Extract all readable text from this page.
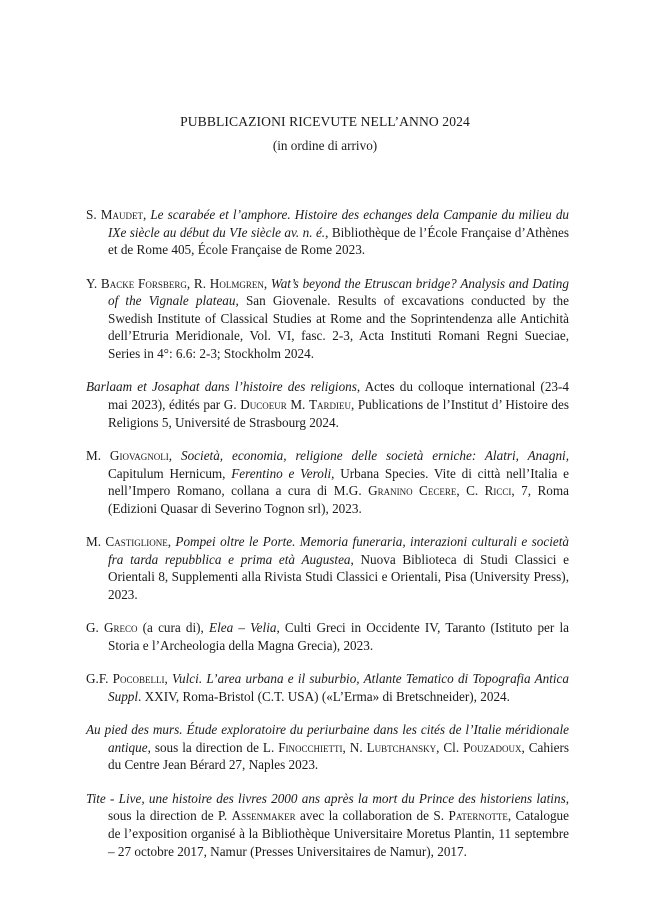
PUBBLICAZIONI RICEVUTE NELL’ANNO 2024
(in ordine di arrivo)

S. Maudet, Le scarabée et l’amphore. Histoire des echanges dela Campanie du milieu du IXe siècle au début du VIe siècle av. n. é., Bibliothèque de l’École Française d’Athènes et de Rome 405, École Française de Rome 2023.

Y. Backe Forsberg, R. Holmgren, Wat’s beyond the Etruscan bridge? Analysis and Dating of the Vignale plateau, San Giovenale. Results of excavations conducted by the Swedish Institute of Classical Studies at Rome and the Soprintendenza alle Antichità dell’Etruria Meridionale, Vol. VI, fasc. 2-3, Acta Instituti Romani Regni Sueciae, Series in 4°: 6.6: 2-3; Stockholm 2024.

Barlaam et Josaphat dans l’histoire des religions, Actes du colloque international (23-4 mai 2023), édités par G. Ducoeur M. Tardieu, Publications de l’Institut d’ Histoire des Religions 5, Université de Strasbourg 2024.

M. Giovagnoli, Società, economia, religione delle società erniche: Alatri, Anagni, Capitulum Hernicum, Ferentino e Veroli, Urbana Species. Vite di città nell’Italia e nell’Impero Romano, collana a cura di M.G. Granino Cecere, C. Ricci, 7, Roma (Edizioni Quasar di Severino Tognon srl), 2023.

M. Castiglione, Pompei oltre le Porte. Memoria funeraria, interazioni culturali e società fra tarda repubblica e prima età Augustea, Nuova Biblioteca di Studi Classici e Orientali 8, Supplementi alla Rivista Studi Classici e Orientali, Pisa (University Press), 2023.

G. Greco (a cura di), Elea – Velia, Culti Greci in Occidente IV, Taranto (Istituto per la Storia e l’Archeologia della Magna Grecia), 2023.

G.F. Pocobelli, Vulci. L’area urbana e il suburbio, Atlante Tematico di Topografia Antica Suppl. XXIV, Roma-Bristol (C.T. USA) («L’Erma» di Bretschneider), 2024.

Au pied des murs. Étude exploratoire du periurbaine dans les cités de l’Italie méridionale antique, sous la direction de L. Finocchietti, N. Lubtchansky, Cl. Pouzadoux, Cahiers du Centre Jean Bérard 27, Naples 2023.

Tite - Live, une histoire des livres 2000 ans après la mort du Prince des historiens latins, sous la direction de P. Assenmaker avec la collaboration de S. Paternotte, Catalogue de l’exposition organisé à la Bibliothèque Universitaire Moretus Plantin, 11 septembre – 27 octobre 2017, Namur (Presses Universitaires de Namur), 2017.
